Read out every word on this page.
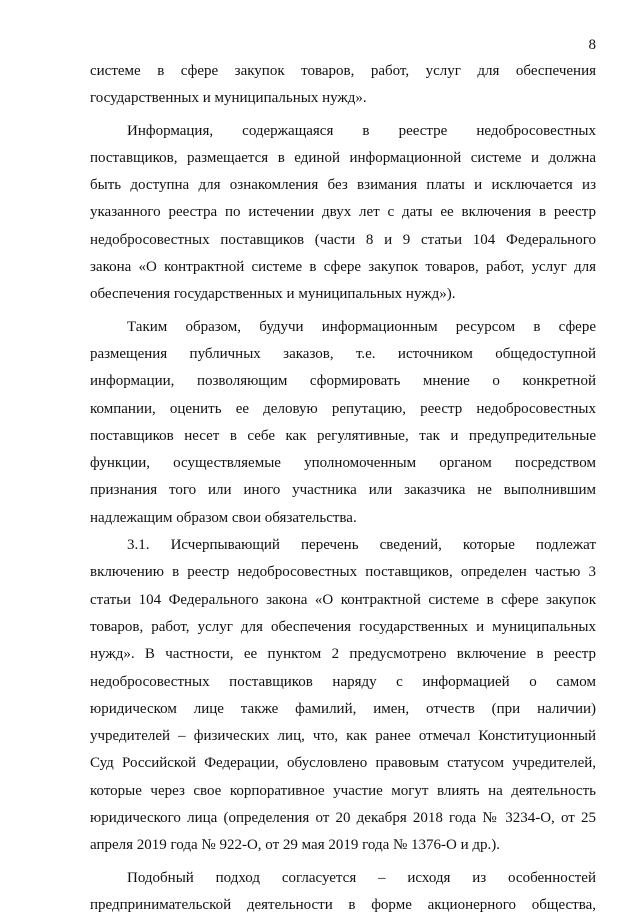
8
системе в сфере закупок товаров, работ, услуг для обеспечения
государственных и муниципальных нужд».
Информация, содержащаяся в реестре недобросовестных
поставщиков, размещается в единой информационной системе и должна
быть доступна для ознакомления без взимания платы и исключается из
указанного реестра по истечении двух лет с даты ее включения в реестр
недобросовестных поставщиков (части 8 и 9 статьи 104 Федерального
закона «О контрактной системе в сфере закупок товаров, работ, услуг для
обеспечения государственных и муниципальных нужд»).
Таким образом, будучи информационным ресурсом в сфере
размещения публичных заказов, т.е. источником общедоступной
информации, позволяющим сформировать мнение о конкретной
компании, оценить ее деловую репутацию, реестр недобросовестных
поставщиков несет в себе как регулятивные, так и предупредительные
функции, осуществляемые уполномоченным органом посредством
признания того или иного участника или заказчика не выполнившим
надлежащим образом свои обязательства.
3.1. Исчерпывающий перечень сведений, которые подлежат
включению в реестр недобросовестных поставщиков, определен частью 3
статьи 104 Федерального закона «О контрактной системе в сфере закупок
товаров, работ, услуг для обеспечения государственных и муниципальных
нужд». В частности, ее пунктом 2 предусмотрено включение в реестр
недобросовестных поставщиков наряду с информацией о самом
юридическом лице также фамилий, имен, отчеств (при наличии)
учредителей – физических лиц, что, как ранее отмечал Конституционный
Суд Российской Федерации, обусловлено правовым статусом учредителей,
которые через свое корпоративное участие могут влиять на деятельность
юридического лица (определения от 20 декабря 2018 года № 3234-О, от 25
апреля 2019 года № 922-О, от 29 мая 2019 года № 1376-О и др.).
Подобный подход согласуется – исходя из особенностей
предпринимательской деятельности в форме акционерного общества,
